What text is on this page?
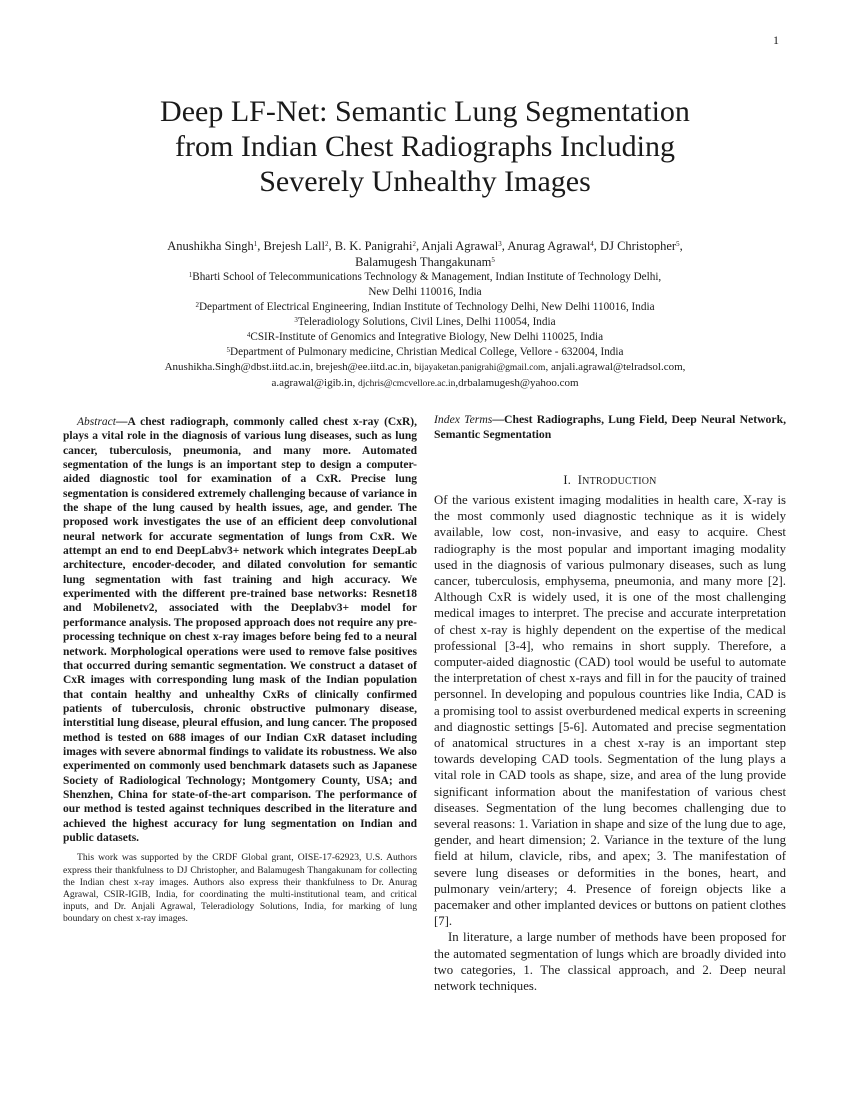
1
Deep LF-Net: Semantic Lung Segmentation
from Indian Chest Radiographs Including
Severely Unhealthy Images
Anushikha Singh$^1$, Brejesh Lall$^2$, B. K. Panigrahi$^2$, Anjali Agrawal$^3$, Anurag Agrawal$^4$, DJ Christopher$^5$,
Balamugesh Thangakunam$^5$
$^1$Bharti School of Telecommunications Technology & Management, Indian Institute of Technology Delhi,
New Delhi 110016, India
$^2$Department of Electrical Engineering, Indian Institute of Technology Delhi, New Delhi 110016, India
$^3$Teleradiology Solutions, Civil Lines, Delhi 110054, India
$^4$CSIR-Institute of Genomics and Integrative Biology, New Delhi 110025, India
$^5$Department of Pulmonary medicine, Christian Medical College, Vellore - 632004, India
Anushikha.Singh@dbst.iitd.ac.in, brejesh@ee.iitd.ac.in, bijayaketan.panigrahi@gmail.com, anjali.agrawal@telradsol.com,
a.agrawal@igib.in, djchris@cmcvellore.ac.in,drbalamugesh@yahoo.com

Abstract—A chest radiograph, commonly called chest x-ray (CxR), plays a vital role in the diagnosis of various lung diseases, such as lung cancer, tuberculosis, pneumonia, and many more. Automated segmentation of the lungs is an important step to design a computer-aided diagnostic tool for examination of a CxR. Precise lung segmentation is considered extremely challenging because of variance in the shape of the lung caused by health issues, age, and gender. The proposed work investigates the use of an efficient deep convolutional neural network for accurate segmentation of lungs from CxR. We attempt an end to end DeepLabv3+ network which integrates DeepLab architecture, encoder-decoder, and dilated convolution for semantic lung segmentation with fast training and high accuracy. We experimented with the different pre-trained base networks: Resnet18 and Mobilenetv2, associated with the Deeplabv3+ model for performance analysis. The proposed approach does not require any pre-processing technique on chest x-ray images before being fed to a neural network. Morphological operations were used to remove false positives that occurred during semantic segmentation. We construct a dataset of CxR images with corresponding lung mask of the Indian population that contain healthy and unhealthy CxRs of clinically confirmed patients of tuberculosis, chronic obstructive pulmonary disease, interstitial lung disease, pleural effusion, and lung cancer. The proposed method is tested on 688 images of our Indian CxR dataset including images with severe abnormal findings to validate its robustness. We also experimented on commonly used benchmark datasets such as Japanese Society of Radiological Technology; Montgomery County, USA; and Shenzhen, China for state-of-the-art comparison. The performance of our method is tested against techniques described in the literature and achieved the highest accuracy for lung segmentation on Indian and public datasets.

This work was supported by the CRDF Global grant, OISE-17-62923, U.S. Authors express their thankfulness to DJ Christopher, and Balamugesh Thangakunam for collecting the Indian chest x-ray images. Authors also express their thankfulness to Dr. Anurag Agrawal, CSIR-IGIB, India, for coordinating the multi-institutional team, and critical inputs, and Dr. Anjali Agrawal, Teleradiology Solutions, India, for marking of lung boundary on chest x-ray images.

Index Terms—Chest Radiographs, Lung Field, Deep Neural Network, Semantic Segmentation

I. INTRODUCTION

Of the various existent imaging modalities in health care, X-ray is the most commonly used diagnostic technique as it is widely available, low cost, non-invasive, and easy to acquire. Chest radiography is the most popular and important imaging modality used in the diagnosis of various pulmonary diseases, such as lung cancer, tuberculosis, emphysema, pneumonia, and many more [2]. Although CxR is widely used, it is one of the most challenging medical images to interpret. The precise and accurate interpretation of chest x-ray is highly dependent on the expertise of the medical professional [3-4], who remains in short supply. Therefore, a computer-aided diagnostic (CAD) tool would be useful to automate the interpretation of chest x-rays and fill in for the paucity of trained personnel. In developing and populous countries like India, CAD is a promising tool to assist overburdened medical experts in screening and diagnostic settings [5-6]. Automated and precise segmentation of anatomical structures in a chest x-ray is an important step towards developing CAD tools. Segmentation of the lung plays a vital role in CAD tools as shape, size, and area of the lung provide significant information about the manifestation of various chest diseases. Segmentation of the lung becomes challenging due to several reasons: 1. Variation in shape and size of the lung due to age, gender, and heart dimension; 2. Variance in the texture of the lung field at hilum, clavicle, ribs, and apex; 3. The manifestation of severe lung diseases or deformities in the bones, heart, and pulmonary vein/artery; 4. Presence of foreign objects like a pacemaker and other implanted devices or buttons on patient clothes [7].

In literature, a large number of methods have been proposed for the automated segmentation of lungs which are broadly divided into two categories, 1. The classical approach, and 2. Deep neural network techniques.
